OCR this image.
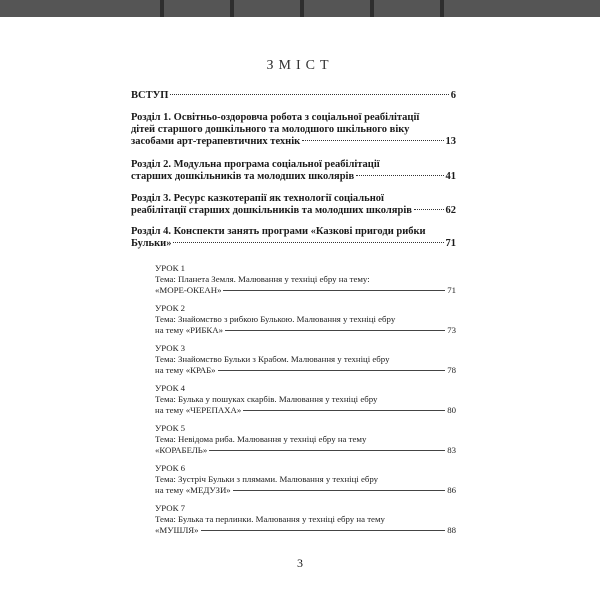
ЗМІСТ
ВСТУП	6
Розділ 1. Освітньо-оздоровча робота з соціальної реабілітації
дітей старшого дошкільного та молодшого шкільного віку
засобами арт-терапевтичних технік	13
Розділ 2. Модульна програма соціальної реабілітації
старших дошкільників та молодших школярів	41
Розділ 3. Ресурс казкотерапії як технології соціальної
реабілітації старших дошкільників та молодших школярів	62
Розділ 4. Конспекти занять програми «Казкові пригоди рибки
Бульки»	71
УРОК 1
Тема: Планета Земля. Малювання у техніці ебру на тему:
«МОРЕ-ОКЕАН»	71
УРОК 2
Тема: Знайомство з рибкою Булькою. Малювання у техніці ебру
на тему «РИБКА»	73
УРОК 3
Тема: Знайомство Бульки з Крабом. Малювання у техніці ебру
на тему «КРАБ»	78
УРОК 4
Тема: Булька у пошуках скарбів. Малювання у техніці ебру
на тему «ЧЕРЕПАХА»	80
УРОК 5
Тема: Невідома риба. Малювання у техніці ебру на тему
«КОРАБЕЛЬ»	83
УРОК 6
Тема: Зустріч Бульки з плямами. Малювання у техніці ебру
на тему «МЕДУЗИ»	86
УРОК 7
Тема: Булька та перлинки. Малювання у техніці ебру на тему
«МУШЛЯ»	88
3
